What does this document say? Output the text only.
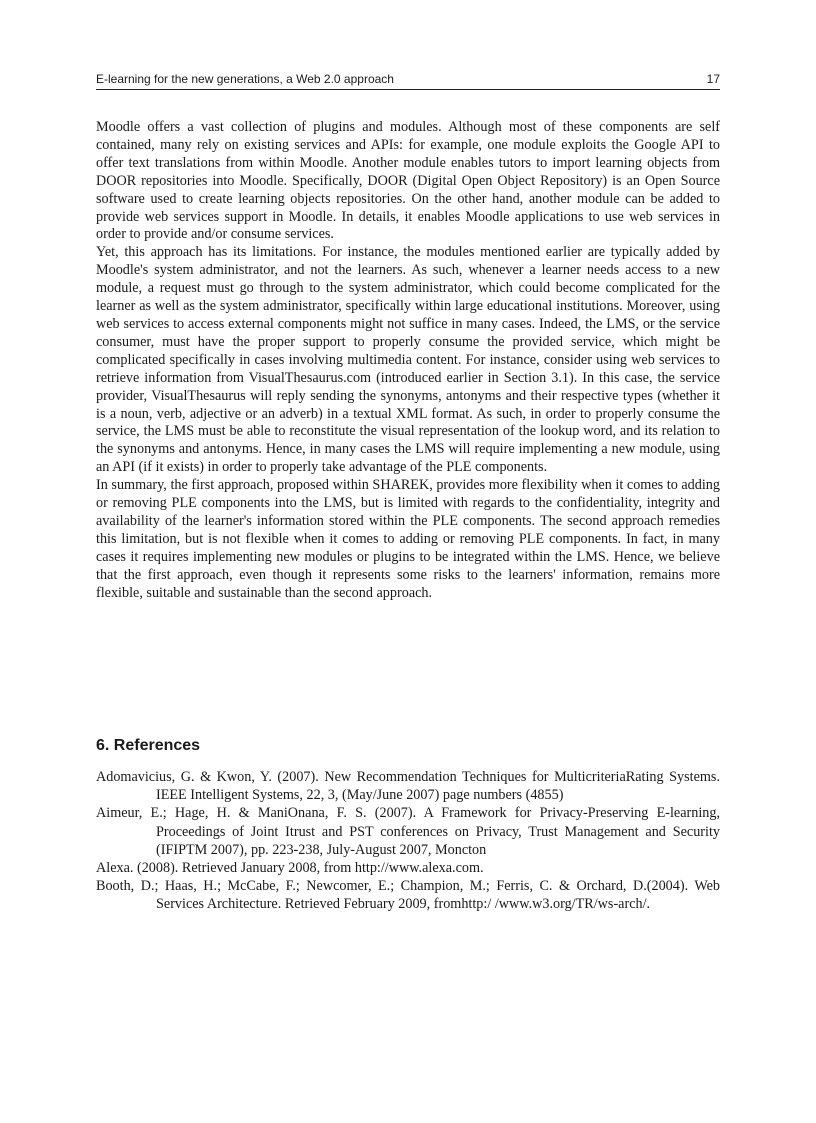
E-learning for the new generations, a Web 2.0 approach	17

Moodle offers a vast collection of plugins and modules. Although most of these components are self contained, many rely on existing services and APIs: for example, one module exploits the Google API to offer text translations from within Moodle. Another module enables tutors to import learning objects from DOOR repositories into Moodle. Specifically, DOOR (Digital Open Object Repository) is an Open Source software used to create learning objects repositories. On the other hand, another module can be added to provide web services support in Moodle. In details, it enables Moodle applications to use web services in order to provide and/or consume services.

Yet, this approach has its limitations. For instance, the modules mentioned earlier are typically added by Moodle's system administrator, and not the learners. As such, whenever a learner needs access to a new module, a request must go through to the system administrator, which could become complicated for the learner as well as the system administrator, specifically within large educational institutions. Moreover, using web services to access external components might not suffice in many cases. Indeed, the LMS, or the service consumer, must have the proper support to properly consume the provided service, which might be complicated specifically in cases involving multimedia content. For instance, consider using web services to retrieve information from VisualThesaurus.com (introduced earlier in Section 3.1). In this case, the service provider, VisualThesaurus will reply sending the synonyms, antonyms and their respective types (whether it is a noun, verb, adjective or an adverb) in a textual XML format. As such, in order to properly consume the service, the LMS must be able to reconstitute the visual representation of the lookup word, and its relation to the synonyms and antonyms. Hence, in many cases the LMS will require implementing a new module, using an API (if it exists) in order to properly take advantage of the PLE components.

In summary, the first approach, proposed within SHAREK, provides more flexibility when it comes to adding or removing PLE components into the LMS, but is limited with regards to the confidentiality, integrity and availability of the learner's information stored within the PLE components. The second approach remedies this limitation, but is not flexible when it comes to adding or removing PLE components. In fact, in many cases it requires implementing new modules or plugins to be integrated within the LMS. Hence, we believe that the first approach, even though it represents some risks to the learners' information, remains more flexible, suitable and sustainable than the second approach.

6. References

Adomavicius, G. & Kwon, Y. (2007). New Recommendation Techniques for MulticriteriaRating Systems. IEEE Intelligent Systems, 22, 3, (May/June 2007) page numbers (4855)

Aimeur, E.; Hage, H. & ManiOnana, F. S. (2007). A Framework for Privacy-Preserving E-learning, Proceedings of Joint Itrust and PST conferences on Privacy, Trust Management and Security (IFIPTM 2007), pp. 223-238, July-August 2007, Moncton

Alexa. (2008). Retrieved January 2008, from http://www.alexa.com.

Booth, D.; Haas, H.; McCabe, F.; Newcomer, E.; Champion, M.; Ferris, C. & Orchard, D.(2004). Web Services Architecture. Retrieved February 2009, fromhttp:/ /www.w3.org/TR/ws-arch/.
